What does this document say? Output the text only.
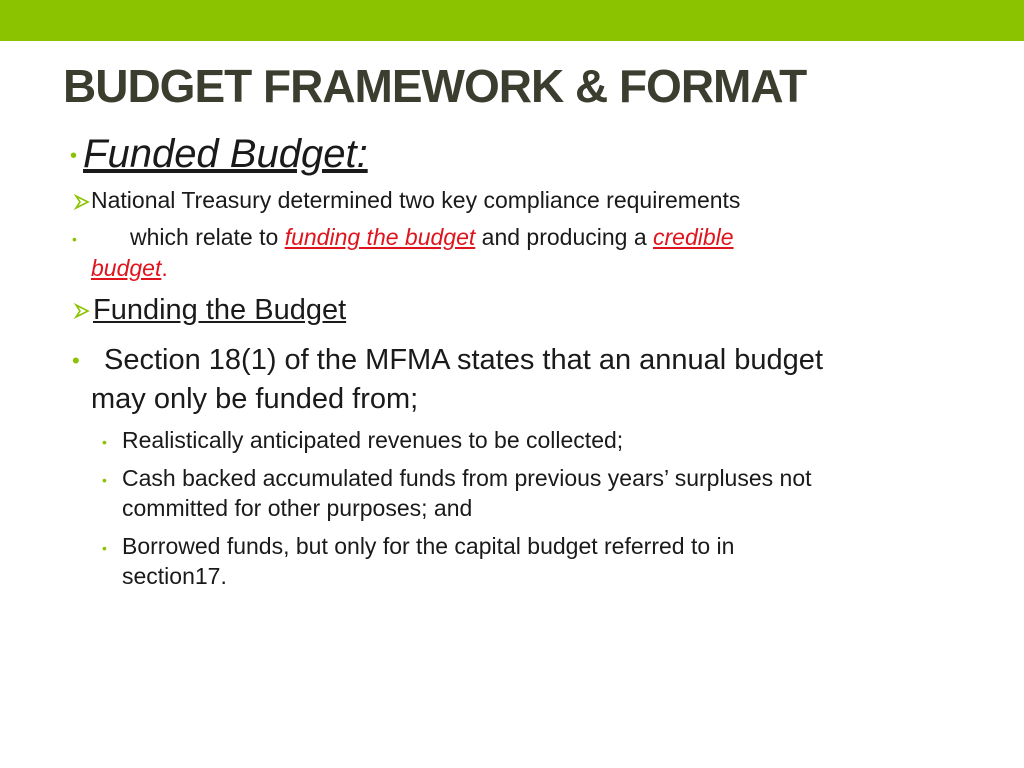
BUDGET FRAMEWORK & FORMAT
• Funded Budget:
National Treasury determined two key compliance requirements
• which relate to funding the budget and producing a credible
budget.
Funding the Budget
• Section 18(1) of the MFMA states that an annual budget
may only be funded from;
• Realistically anticipated revenues to be collected;
• Cash backed accumulated funds from previous years’ surpluses not
committed for other purposes; and
• Borrowed funds, but only for the capital budget referred to in
section17.
